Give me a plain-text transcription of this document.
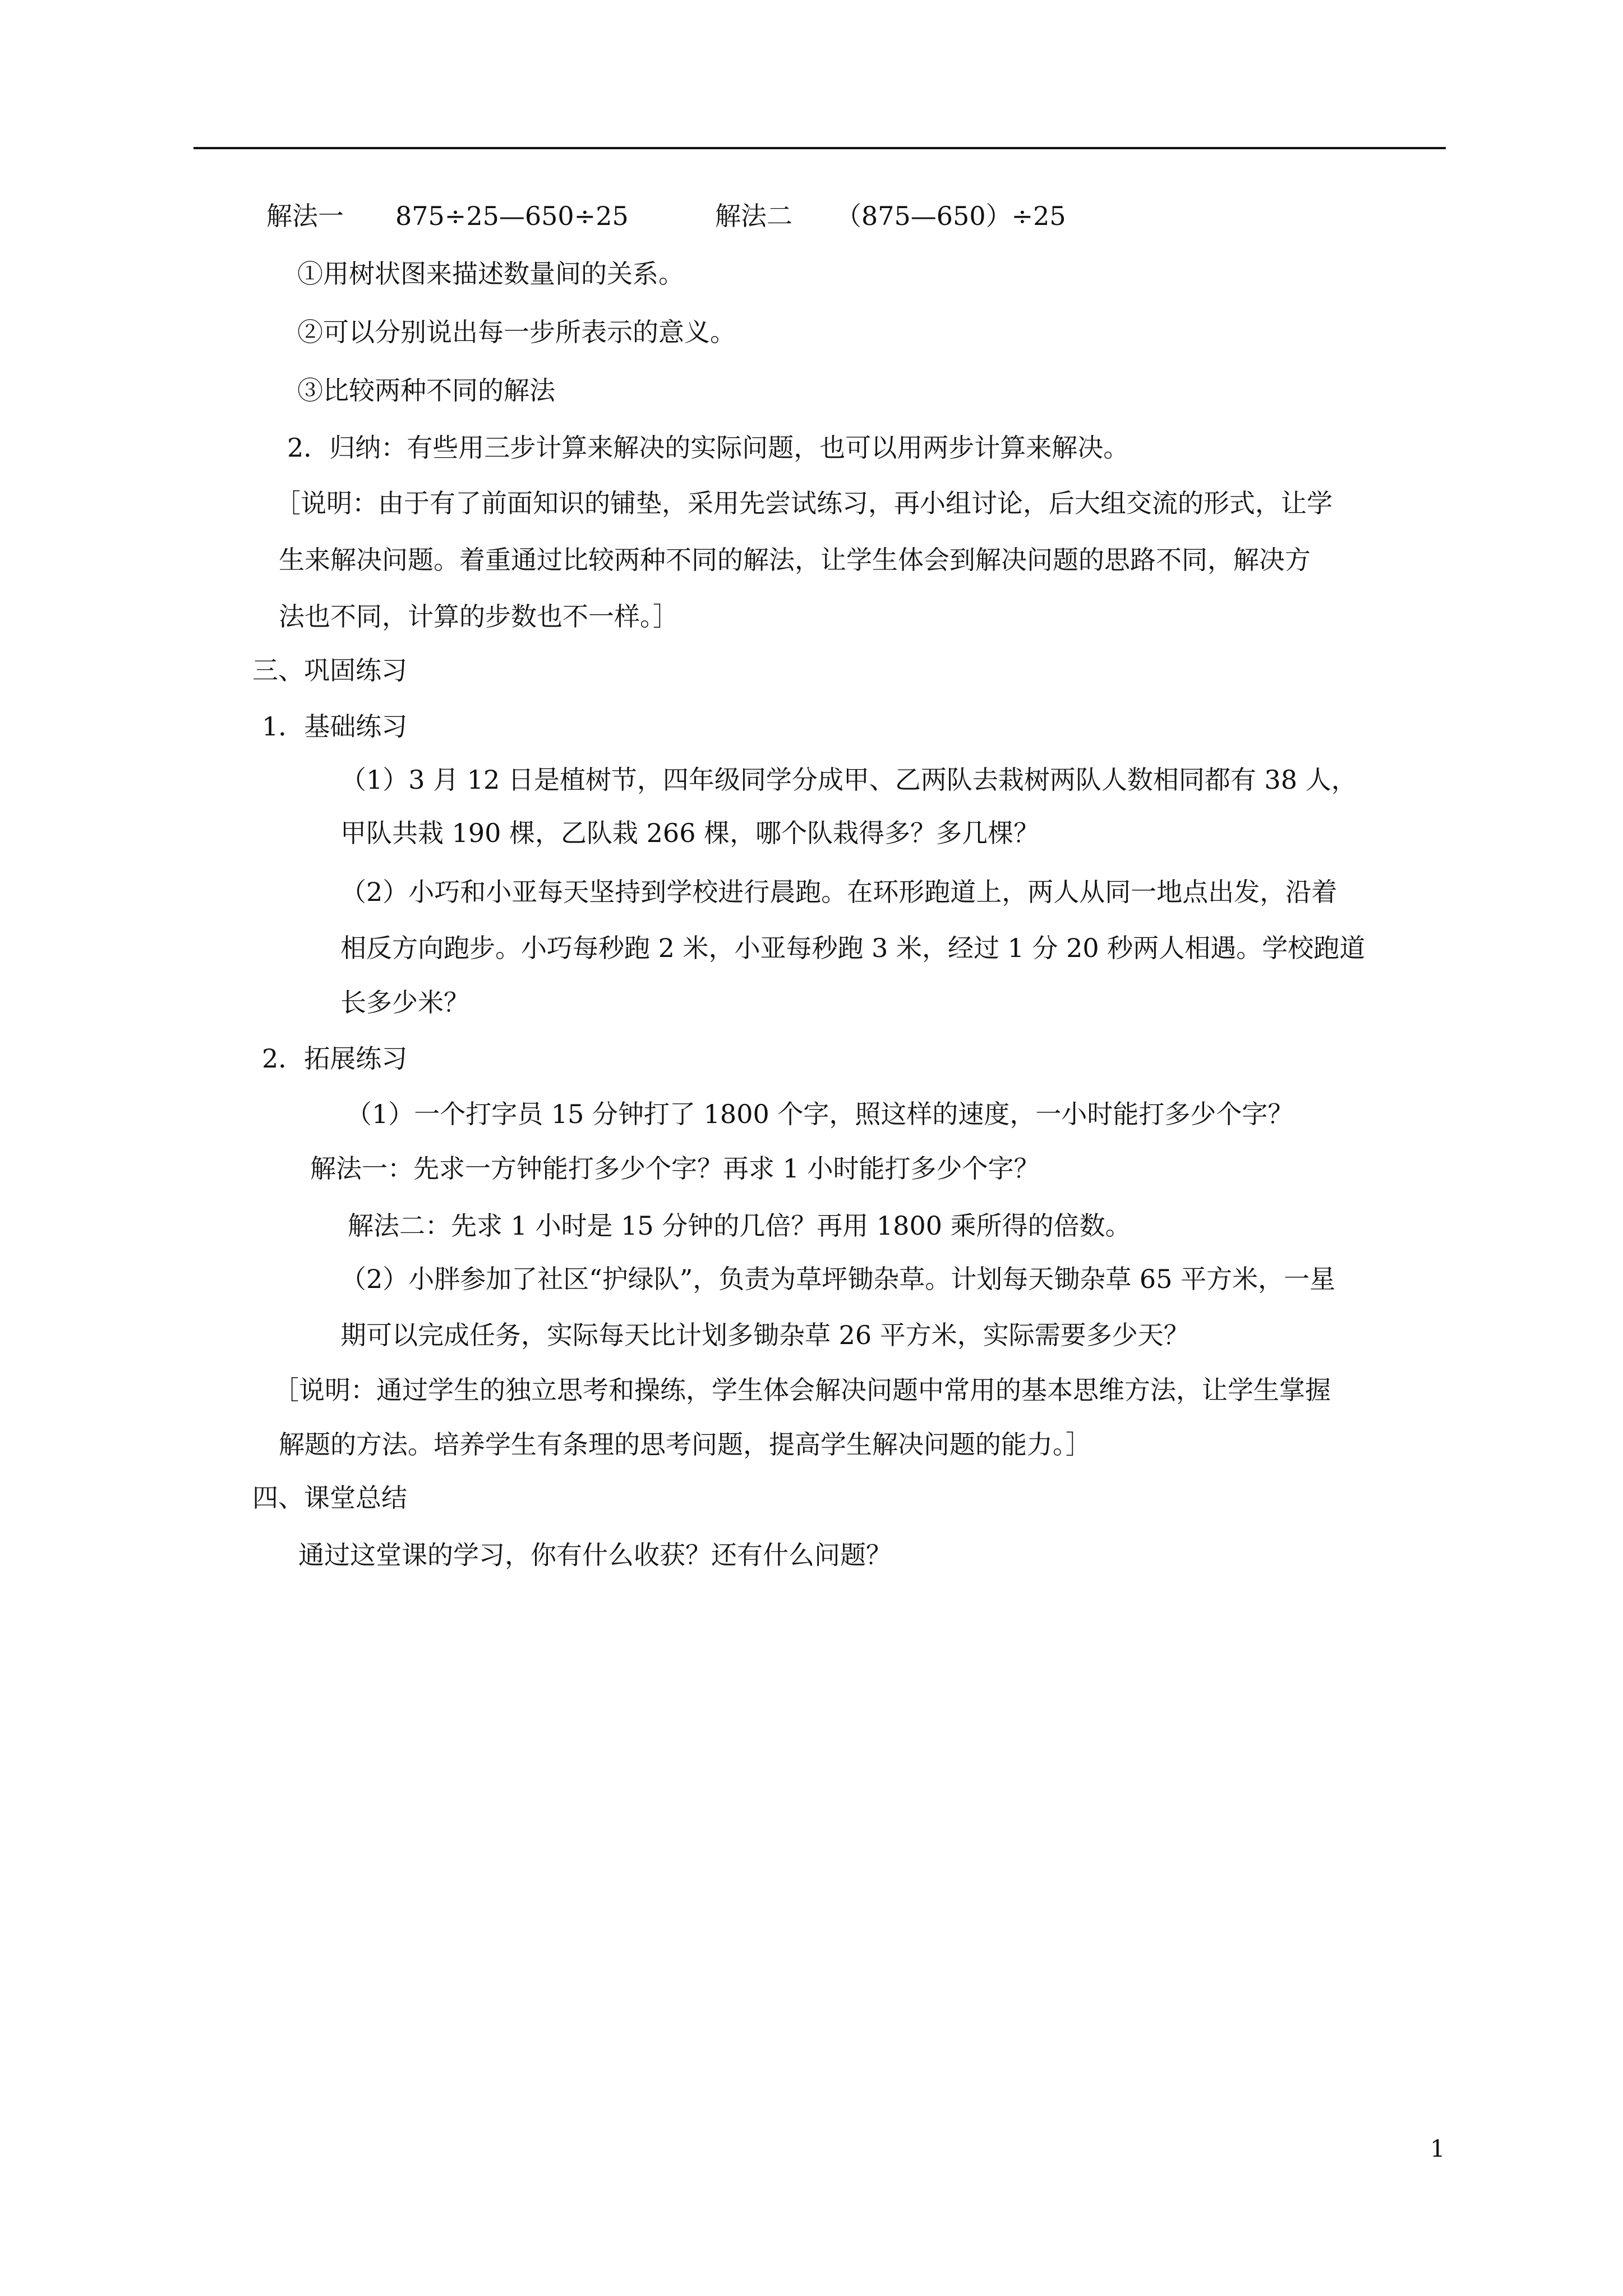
解法一 875÷25—650÷25	解法二 （875—650）÷25
①用树状图来描述数量间的关系。
②可以分别说出每一步所表示的意义。
③比较两种不同的解法
2．归纳：有些用三步计算来解决的实际问题，也可以用两步计算来解决。
［说明：由于有了前面知识的铺垫，采用先尝试练习，再小组讨论，后大组交流的形式，让学
生来解决问题。着重通过比较两种不同的解法，让学生体会到解决问题的思路不同，解决方
法也不同，计算的步数也不一样。］
三、巩固练习
1．基础练习
（1）3 月 12 日是植树节，四年级同学分成甲、乙两队去栽树两队人数相同都有 38 人，
甲队共栽 190 棵，乙队栽 266 棵，哪个队栽得多？多几棵？
（2）小巧和小亚每天坚持到学校进行晨跑。在环形跑道上，两人从同一地点出发，沿着
相反方向跑步。小巧每秒跑 2 米，小亚每秒跑 3 米，经过 1 分 20 秒两人相遇。学校跑道
长多少米？
2．拓展练习
（1）一个打字员 15 分钟打了 1800 个字，照这样的速度，一小时能打多少个字？
解法一：先求一方钟能打多少个字？再求 1 小时能打多少个字？
解法二：先求 1 小时是 15 分钟的几倍？再用 1800 乘所得的倍数。
（2）小胖参加了社区“护绿队”，负责为草坪锄杂草。计划每天锄杂草 65 平方米，一星
期可以完成任务，实际每天比计划多锄杂草 26 平方米，实际需要多少天？
［说明：通过学生的独立思考和操练，学生体会解决问题中常用的基本思维方法，让学生掌握
解题的方法。培养学生有条理的思考问题，提高学生解决问题的能力。］
四、课堂总结
通过这堂课的学习，你有什么收获？还有什么问题？
1
